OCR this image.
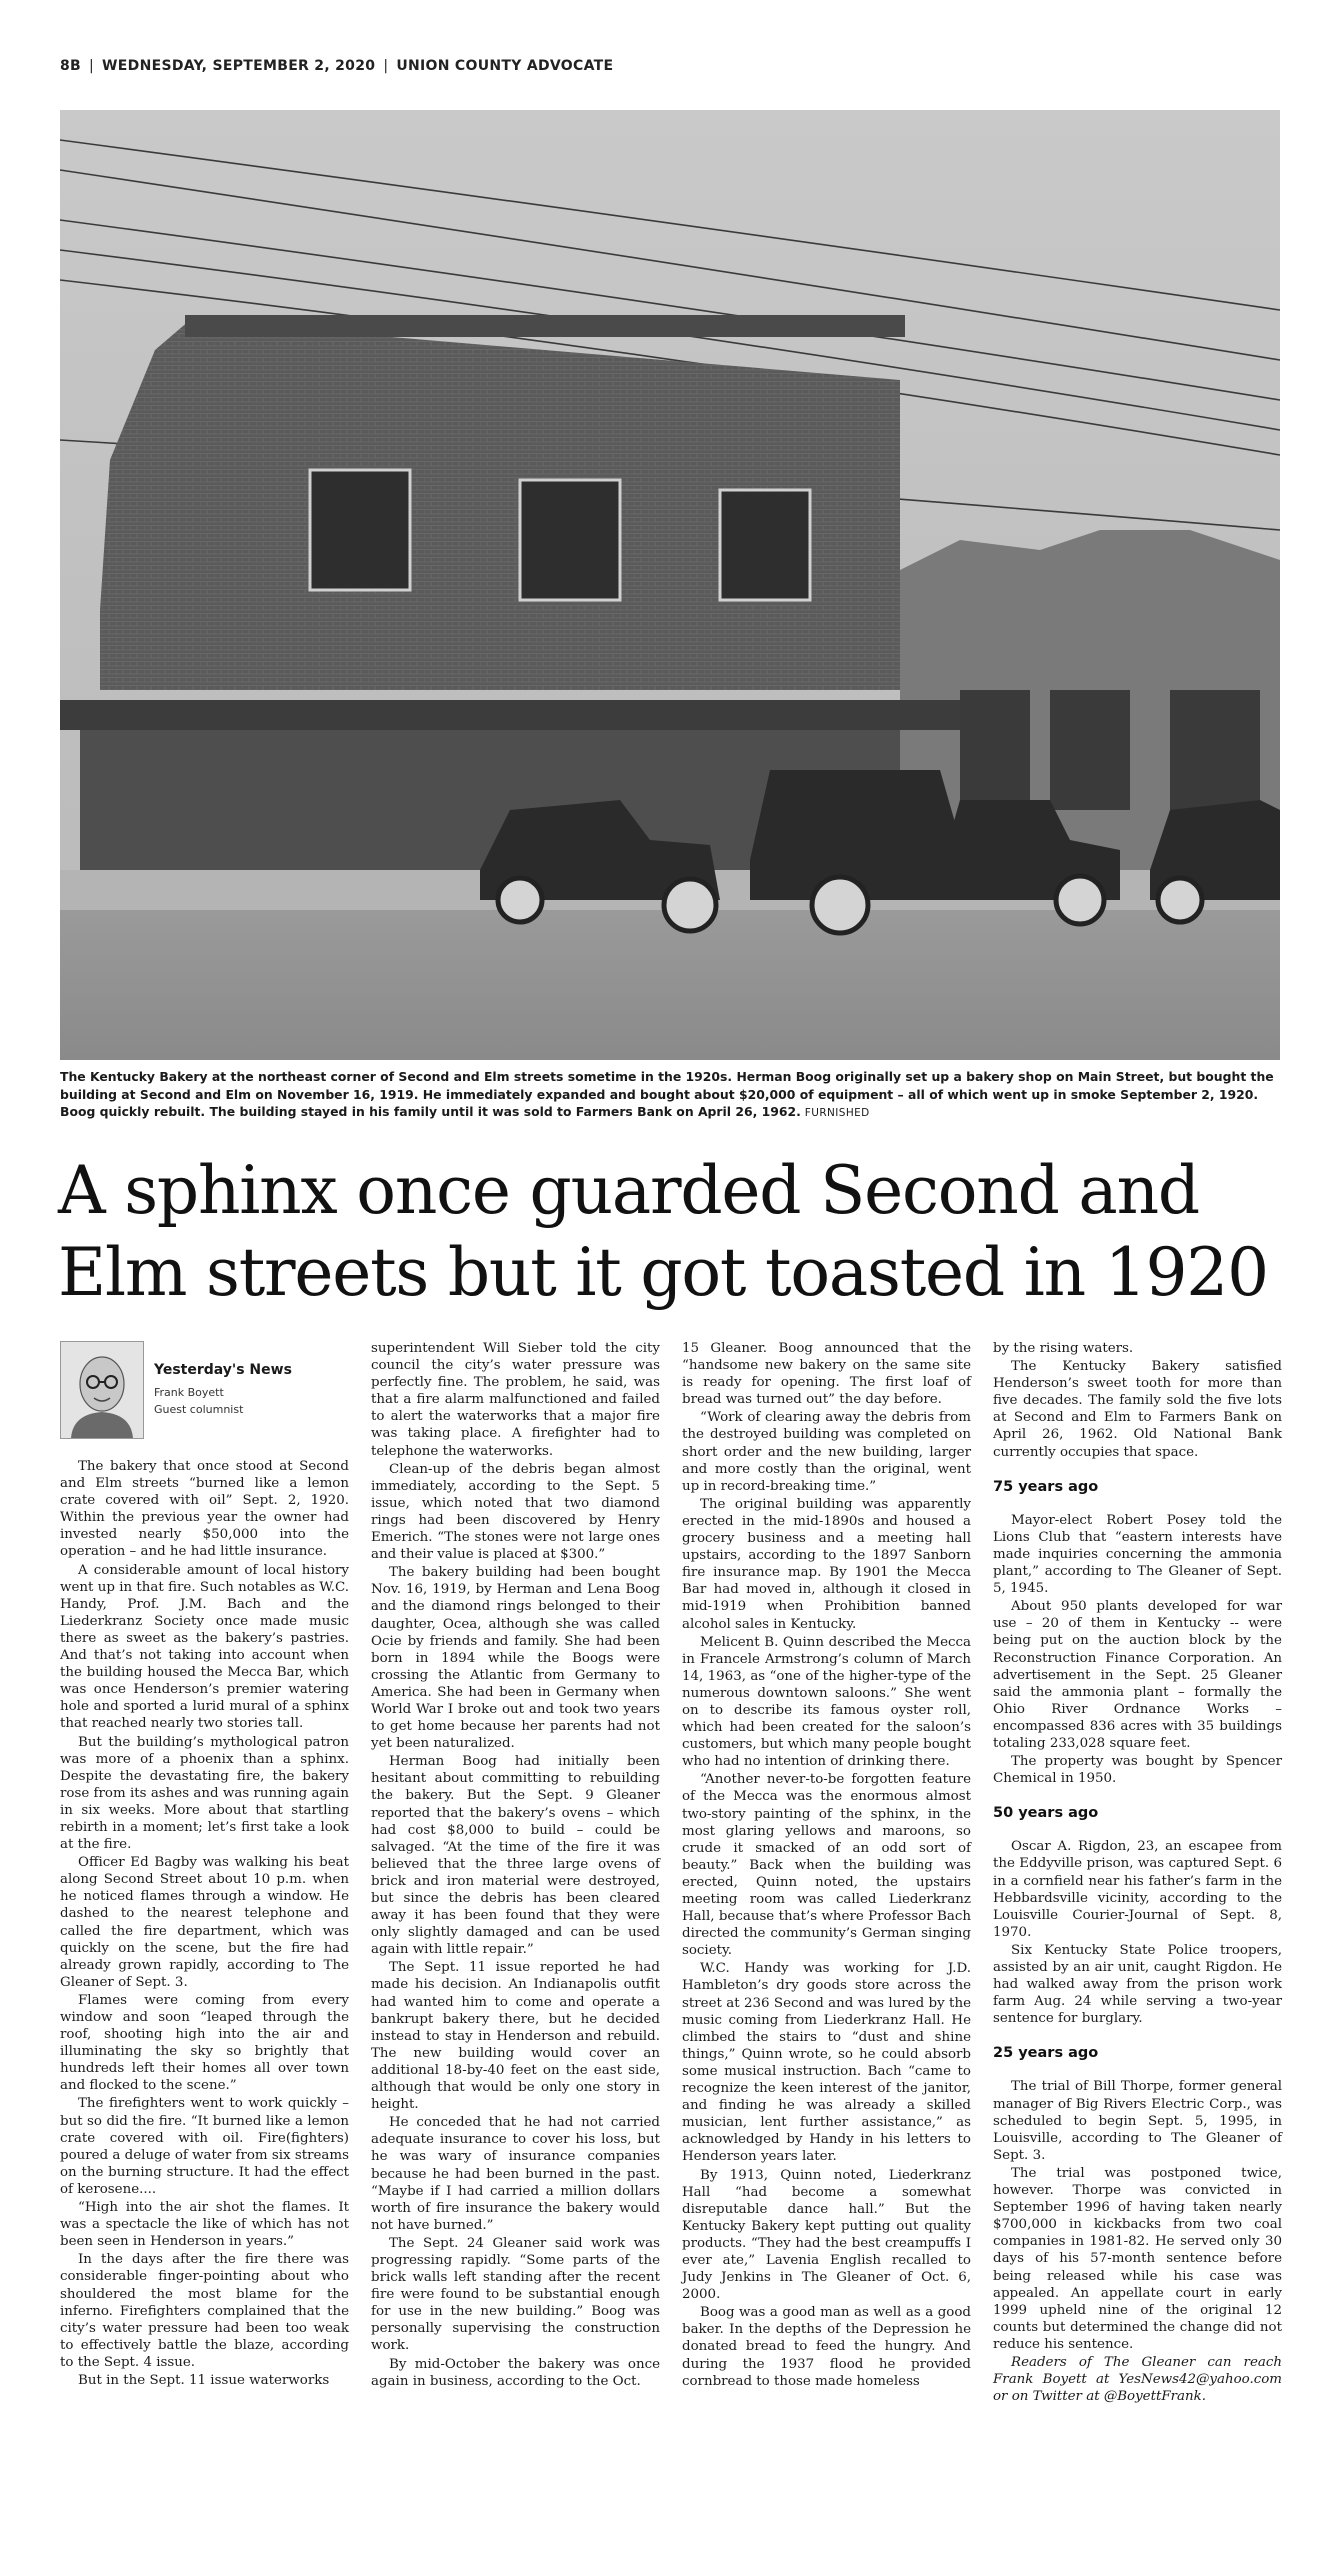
8B | WEDNESDAY, SEPTEMBER 2, 2020 | UNION COUNTY ADVOCATE
The Kentucky Bakery at the northeast corner of Second and Elm streets sometime in the 1920s. Herman Boog originally set up a bakery shop on Main Street, but bought the building at Second and Elm on November 16, 1919. He immediately expanded and bought about $20,000 of equipment – all of which went up in smoke September 2, 1920. Boog quickly rebuilt. The building stayed in his family until it was sold to Farmers Bank on April 26, 1962. FURNISHED
A sphinx once guarded Second and Elm streets but it got toasted in 1920
Yesterday's News
Frank Boyett
Guest columnist

The bakery that once stood at Second and Elm streets “burned like a lemon crate covered with oil” Sept. 2, 1920. Within the previous year the owner had invested nearly $50,000 into the operation – and he had little insurance.

A considerable amount of local history went up in that fire. Such notables as W.C. Handy, Prof. J.M. Bach and the Liederkranz Society once made music there as sweet as the bakery’s pastries. And that’s not taking into account when the building housed the Mecca Bar, which was once Henderson’s premier watering hole and sported a lurid mural of a sphinx that reached nearly two stories tall.

But the building’s mythological patron was more of a phoenix than a sphinx. Despite the devastating fire, the bakery rose from its ashes and was running again in six weeks. More about that startling rebirth in a moment; let’s first take a look at the fire.

Officer Ed Bagby was walking his beat along Second Street about 10 p.m. when he noticed flames through a window. He dashed to the nearest telephone and called the fire department, which was quickly on the scene, but the fire had already grown rapidly, according to The Gleaner of Sept. 3.

Flames were coming from every window and soon “leaped through the roof, shooting high into the air and illuminating the sky so brightly that hundreds left their homes all over town and flocked to the scene.”

The firefighters went to work quickly – but so did the fire. “It burned like a lemon crate covered with oil. Fire(fighters) poured a deluge of water from six streams on the burning structure. It had the effect of kerosene....

“High into the air shot the flames. It was a spectacle the like of which has not been seen in Henderson in years.”

In the days after the fire there was considerable finger-pointing about who shouldered the most blame for the inferno. Firefighters complained that the city’s water pressure had been too weak to effectively battle the blaze, according to the Sept. 4 issue.

But in the Sept. 11 issue waterworks

superintendent Will Sieber told the city council the city’s water pressure was perfectly fine. The problem, he said, was that a fire alarm malfunctioned and failed to alert the waterworks that a major fire was taking place. A firefighter had to telephone the waterworks.

Clean-up of the debris began almost immediately, according to the Sept. 5 issue, which noted that two diamond rings had been discovered by Henry Emerich. “The stones were not large ones and their value is placed at $300.”

The bakery building had been bought Nov. 16, 1919, by Herman and Lena Boog and the diamond rings belonged to their daughter, Ocea, although she was called Ocie by friends and family. She had been born in 1894 while the Boogs were crossing the Atlantic from Germany to America. She had been in Germany when World War I broke out and took two years to get home because her parents had not yet been naturalized.

Herman Boog had initially been hesitant about committing to rebuilding the bakery. But the Sept. 9 Gleaner reported that the bakery’s ovens – which had cost $8,000 to build – could be salvaged. “At the time of the fire it was believed that the three large ovens of brick and iron material were destroyed, but since the debris has been cleared away it has been found that they were only slightly damaged and can be used again with little repair.”

The Sept. 11 issue reported he had made his decision. An Indianapolis outfit had wanted him to come and operate a bankrupt bakery there, but he decided instead to stay in Henderson and rebuild. The new building would cover an additional 18-by-40 feet on the east side, although that would be only one story in height.

He conceded that he had not carried adequate insurance to cover his loss, but he was wary of insurance companies because he had been burned in the past. “Maybe if I had carried a million dollars worth of fire insurance the bakery would not have burned.”

The Sept. 24 Gleaner said work was progressing rapidly. “Some parts of the brick walls left standing after the recent fire were found to be substantial enough for use in the new building.” Boog was personally supervising the construction work.

By mid-October the bakery was once again in business, according to the Oct.

15 Gleaner. Boog announced that the “handsome new bakery on the same site is ready for opening. The first loaf of bread was turned out” the day before.

“Work of clearing away the debris from the destroyed building was completed on short order and the new building, larger and more costly than the original, went up in record-breaking time.”

The original building was apparently erected in the mid-1890s and housed a grocery business and a meeting hall upstairs, according to the 1897 Sanborn fire insurance map. By 1901 the Mecca Bar had moved in, although it closed in mid-1919 when Prohibition banned alcohol sales in Kentucky.

Melicent B. Quinn described the Mecca in Francele Armstrong’s column of March 14, 1963, as “one of the higher-type of the numerous downtown saloons.” She went on to describe its famous oyster roll, which had been created for the saloon’s customers, but which many people bought who had no intention of drinking there.

“Another never-to-be forgotten feature of the Mecca was the enormous almost two-story painting of the sphinx, in the most glaring yellows and maroons, so crude it smacked of an odd sort of beauty.” Back when the building was erected, Quinn noted, the upstairs meeting room was called Liederkranz Hall, because that’s where Professor Bach directed the community’s German singing society.

W.C. Handy was working for J.D. Hambleton’s dry goods store across the street at 236 Second and was lured by the music coming from Liederkranz Hall. He climbed the stairs to “dust and shine things,” Quinn wrote, so he could absorb some musical instruction. Bach “came to recognize the keen interest of the janitor, and finding he was already a skilled musician, lent further assistance,” as acknowledged by Handy in his letters to Henderson years later.

By 1913, Quinn noted, Liederkranz Hall “had become a somewhat disreputable dance hall.” But the Kentucky Bakery kept putting out quality products. “They had the best creampuffs I ever ate,” Lavenia English recalled to Judy Jenkins in The Gleaner of Oct. 6, 2000.

Boog was a good man as well as a good baker. In the depths of the Depression he donated bread to feed the hungry. And during the 1937 flood he provided cornbread to those made homeless

by the rising waters.

The Kentucky Bakery satisfied Henderson’s sweet tooth for more than five decades. The family sold the five lots at Second and Elm to Farmers Bank on April 26, 1962. Old National Bank currently occupies that space.

75 years ago

Mayor-elect Robert Posey told the Lions Club that “eastern interests have made inquiries concerning the ammonia plant,” according to The Gleaner of Sept. 5, 1945.

About 950 plants developed for war use – 20 of them in Kentucky -- were being put on the auction block by the Reconstruction Finance Corporation. An advertisement in the Sept. 25 Gleaner said the ammonia plant – formally the Ohio River Ordnance Works – encompassed 836 acres with 35 buildings totaling 233,028 square feet.

The property was bought by Spencer Chemical in 1950.

50 years ago

Oscar A. Rigdon, 23, an escapee from the Eddyville prison, was captured Sept. 6 in a cornfield near his father’s farm in the Hebbardsville vicinity, according to the Louisville Courier-Journal of Sept. 8, 1970.

Six Kentucky State Police troopers, assisted by an air unit, caught Rigdon. He had walked away from the prison work farm Aug. 24 while serving a two-year sentence for burglary.

25 years ago

The trial of Bill Thorpe, former general manager of Big Rivers Electric Corp., was scheduled to begin Sept. 5, 1995, in Louisville, according to The Gleaner of Sept. 3.

The trial was postponed twice, however. Thorpe was convicted in September 1996 of having taken nearly $700,000 in kickbacks from two coal companies in 1981-82. He served only 30 days of his 57-month sentence before being released while his case was appealed. An appellate court in early 1999 upheld nine of the original 12 counts but determined the change did not reduce his sentence.

Readers of The Gleaner can reach Frank Boyett at YesNews42@yahoo.com or on Twitter at @BoyettFrank.
